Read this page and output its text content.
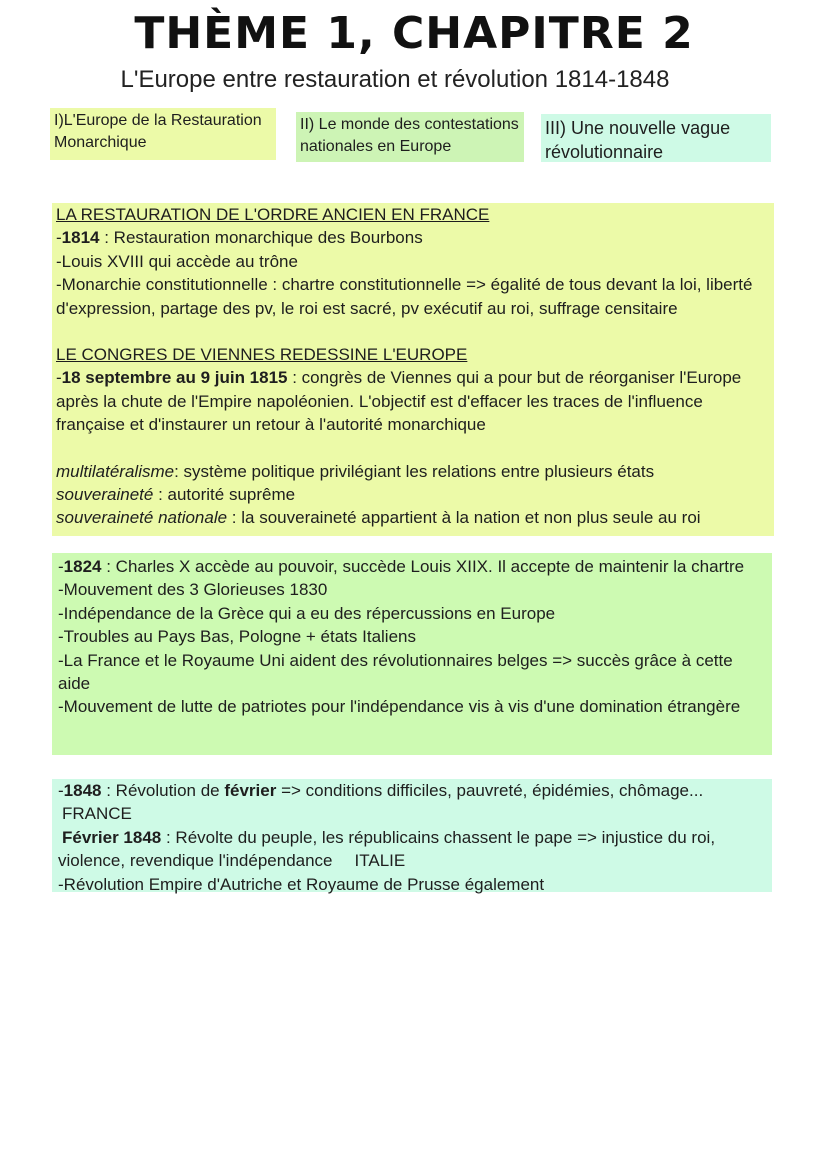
THÈME 1, CHAPITRE 2
L'Europe entre restauration et révolution 1814-1848
I)L'Europe de la Restauration Monarchique
II) Le monde des contestations nationales en Europe
III) Une nouvelle vague révolutionnaire
LA RESTAURATION DE L'ORDRE ANCIEN EN FRANCE
-1814 : Restauration monarchique des Bourbons
-Louis XVIII qui accède au trône
-Monarchie constitutionnelle : chartre constitutionnelle => égalité de tous devant la loi, liberté d'expression, partage des pv, le roi est sacré, pv exécutif au roi, suffrage censitaire
LE CONGRES DE VIENNES REDESSINE L'EUROPE
-18 septembre au 9 juin 1815 : congrès de Viennes qui a pour but de réorganiser l'Europe après la chute de l'Empire napoléonien. L'objectif est d'effacer les traces de l'influence française et d'instaurer un retour à l'autorité monarchique
multilatéralisme: système politique privilégiant les relations entre plusieurs états
souveraineté : autorité suprême
souveraineté nationale : la souveraineté appartient à la nation et non plus seule au roi
-1824 : Charles X accède au pouvoir, succède Louis XIIX. Il accepte de maintenir la chartre
-Mouvement des 3 Glorieuses 1830
-Indépendance de la Grèce qui a eu des répercussions en Europe
-Troubles au Pays Bas, Pologne + états Italiens
-La France et le Royaume Uni aident des révolutionnaires belges => succès grâce à cette aide
-Mouvement de lutte de patriotes pour l'indépendance vis à vis d'une domination étrangère
-1848 : Révolution de février => conditions difficiles, pauvreté, épidémies, chômage...
FRANCE
Février 1848 : Révolte du peuple, les républicains chassent le pape => injustice du roi, violence, revendique l'indépendance ITALIE
-Révolution Empire d'Autriche et Royaume de Prusse également
